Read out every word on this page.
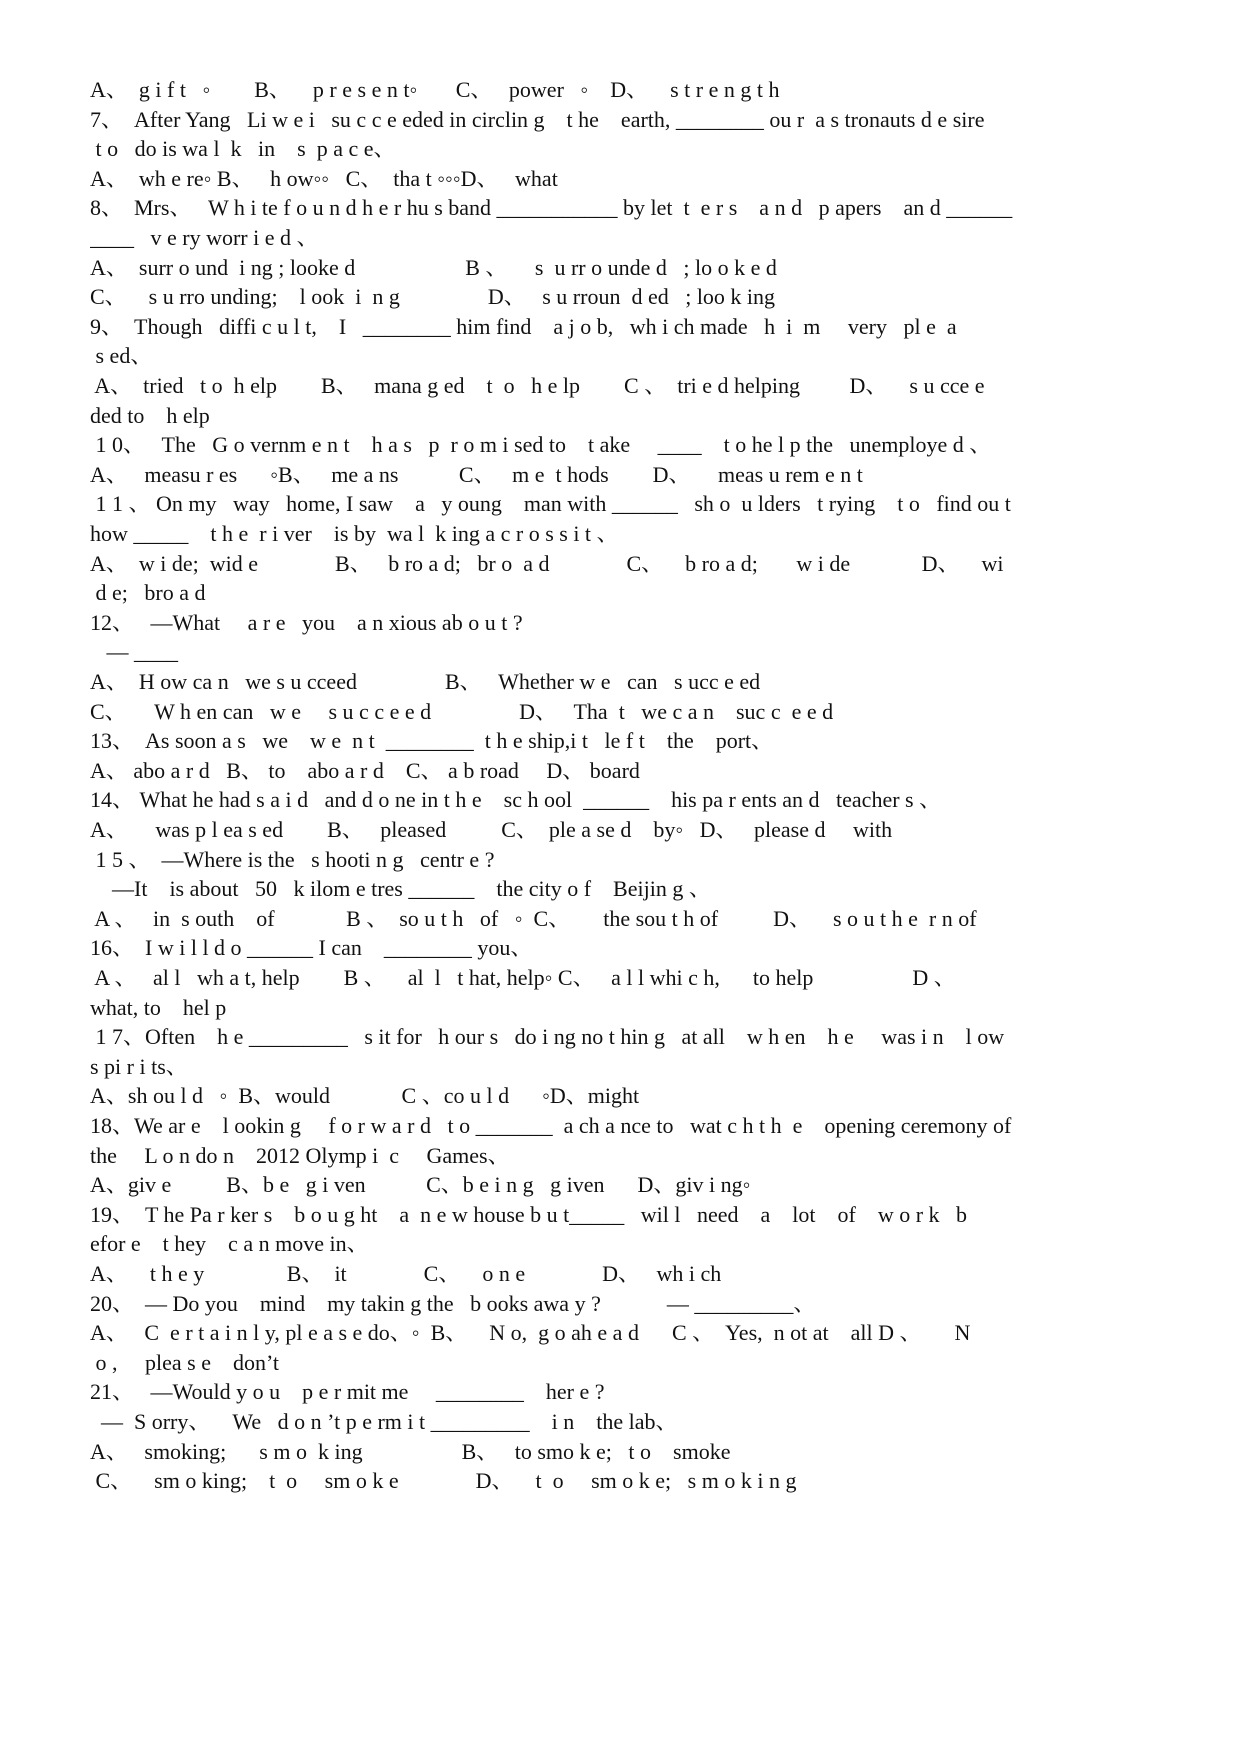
A、  g i f t   ◦        B、    p r e s e n t◦       C、   power   ◦    D、    s t r e n g t h
7、  After Yang   Li w e i   su c c e eded in circlin g    t he    earth, ________ ou r  a s tronauts d e sire
t o   do is wa l  k   in    s  p a c e、
A、  wh e re◦ B、   h ow◦◦   C、  tha t ◦◦◦D、   what
8、  Mrs、   W h i te f o u n d h e r hu s band ___________ by let  t  e r s    a n d   p apers    an d ______
____   v e ry worr i e d 、
A、  surr o und  i ng ; looke d                    B 、     s  u rr o unde d   ; lo o k e d
C、    s u rro unding;    l ook  i  n g                D、   s u rroun  d ed   ; loo k ing
9、  Though   diffi c u l t,    I   ________ him find    a j o b,   wh i ch made   h  i  m     very   pl e  a
s ed、
A、  tried   t o  h elp        B、   mana g ed    t  o   h e lp        C 、  tri e d helping         D、    s u cce e
ded to    h elp
1 0、   The   G o vernm e n t    h a s   p  r o m i sed to    t ake     ____    t o he l p the   unemploye d 、
A、   measu r es      ◦B、   me a ns           C、   m e  t hods        D、     meas u rem e n t
1 1 、 On my   way   home, I saw    a   y oung    man with ______   sh o  u lders   t rying    t o   find ou t
how _____    t h e  r i ver    is by  wa l  k ing a c r o s s i t 、
A、  w i de;  wid e              B、   b ro a d;   br o  a d              C、    b ro a d;       w i de             D、    wi
d e;   bro a d
12、   —What     a r e   you    a n xious ab o u t ?
— ____
A、  H ow ca n   we s u cceed                B、   Whether w e   can   s ucc e ed
C、     W h en can   w e     s u c c e e d                D、   Tha  t   we c a n    suc c  e e d
13、  As soon a s   we    w e  n t  ________  t h e ship,i t   le f t    the    port、
A、 abo a r d   B、 to    abo a r d    C、 a b road     D、 board
14、 What he had s a i d   and d o ne in t h e    sc h ool  ______    his pa r ents an d   teacher s 、
A、     was p l ea s ed        B、   pleased          C、  ple a se d    by◦   D、   please d     with
1 5 、  —Where is the   s hooti n g   centr e ?
—It    is about   50   k ilom e tres ______    the city o f    Beijin g 、
A 、   in  s outh    of             B 、  so u t h   of   ◦  C、      the sou t h of          D、    s o u t h e  r n of
16、  I w i l l d o ______ I can    ________ you、
A 、   al l   wh a t, help        B 、    al  l   t hat, help◦ C、   a l l whi c h,      to help                  D 、
what, to    hel p
1 7、Often    h e _________   s it for   h our s   do i ng no t hin g   at all    w h en    h e     was i n    l ow
s pi r i ts、
A、sh ou l d   ◦  B、would             C 、co u l d      ◦D、might
18、We ar e    l ookin g     f o r w a r d   t o _______  a ch a nce to   wat c h t h  e    opening ceremony of
the     L o n do n    2012 Olymp i  c     Games、
A、giv e          B、b e   g i ven           C、b e i n g   g iven      D、giv i ng◦
19、  T he Pa r ker s    b o u g ht    a  n e w house b u t_____   wil l   need    a    lot    of    w o r k   b
efor e    t hey    c a n move in、
A、    t h e y               B、  it              C、    o n e              D、   wh i ch
20、  — Do you    mind    my takin g the   b ooks awa y ?            — _________、
A、   C  e r t a i n l y, pl e a s e do、◦  B、    N o,  g o ah e a d      C 、  Yes,  n ot at    all D 、      N
o ,     plea s e    don’t
21、   —Would y o u    p e r mit me     ________    her e ?
—  S orry、    We   d o n ’t p e rm i t _________    i n    the lab、
A、   smoking;      s m o  k ing                  B、   to smo k e;   t o    smoke
C、    sm o king;    t  o     sm o k e              D、    t  o     sm o k e;   s m o k i n g
